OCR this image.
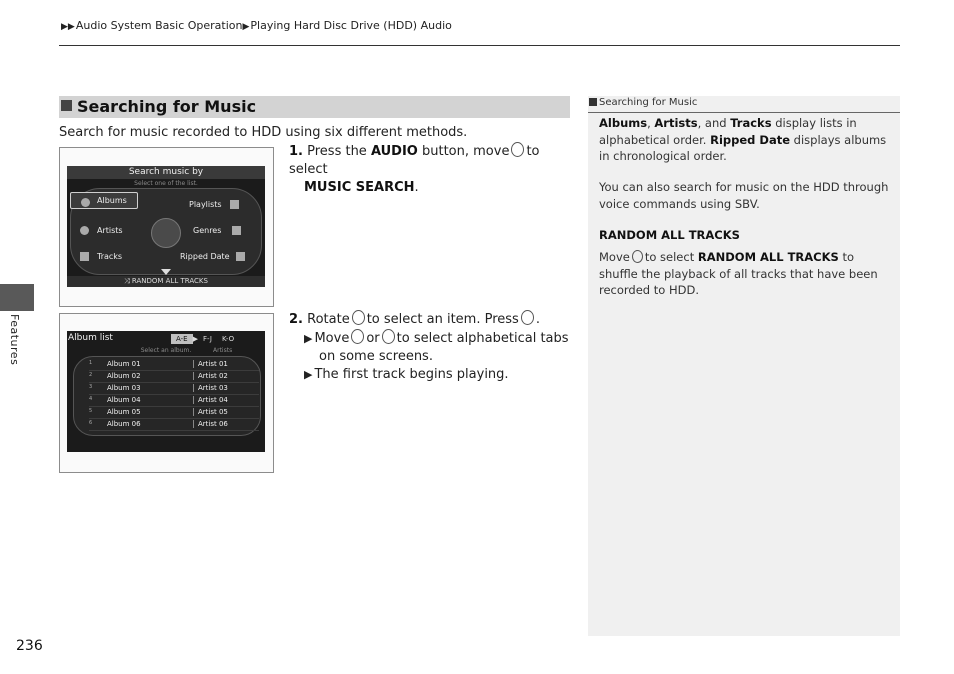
▶▶Audio System Basic Operation▶Playing Hard Disc Drive (HDD) Audio
Features
236
Searching for Music
Search for music recorded to HDD using six different methods.
Search music by
Select one of the list.
Albums	Playlists
Artists	Genres
Tracks	Ripped Date
⤨ RANDOM ALL TRACKS
Album list	A-E ▶ F-J K-O
Select an album.	Artists
1	Album 01	Artist 01
2	Album 02	Artist 02
3	Album 03	Artist 03
4	Album 04	Artist 04
5	Album 05	Artist 05
6	Album 06	Artist 06
1. Press the AUDIO button, move to select
MUSIC SEARCH.
2. Rotate to select an item. Press .
▶ Move or to select alphabetical tabs on some screens.
▶ The first track begins playing.
Searching for Music
Albums, Artists, and Tracks display lists in alphabetical order. Ripped Date displays albums in chronological order.
You can also search for music on the HDD through voice commands using SBV.
RANDOM ALL TRACKS
Move to select RANDOM ALL TRACKS to shuffle the playback of all tracks that have been recorded to HDD.
